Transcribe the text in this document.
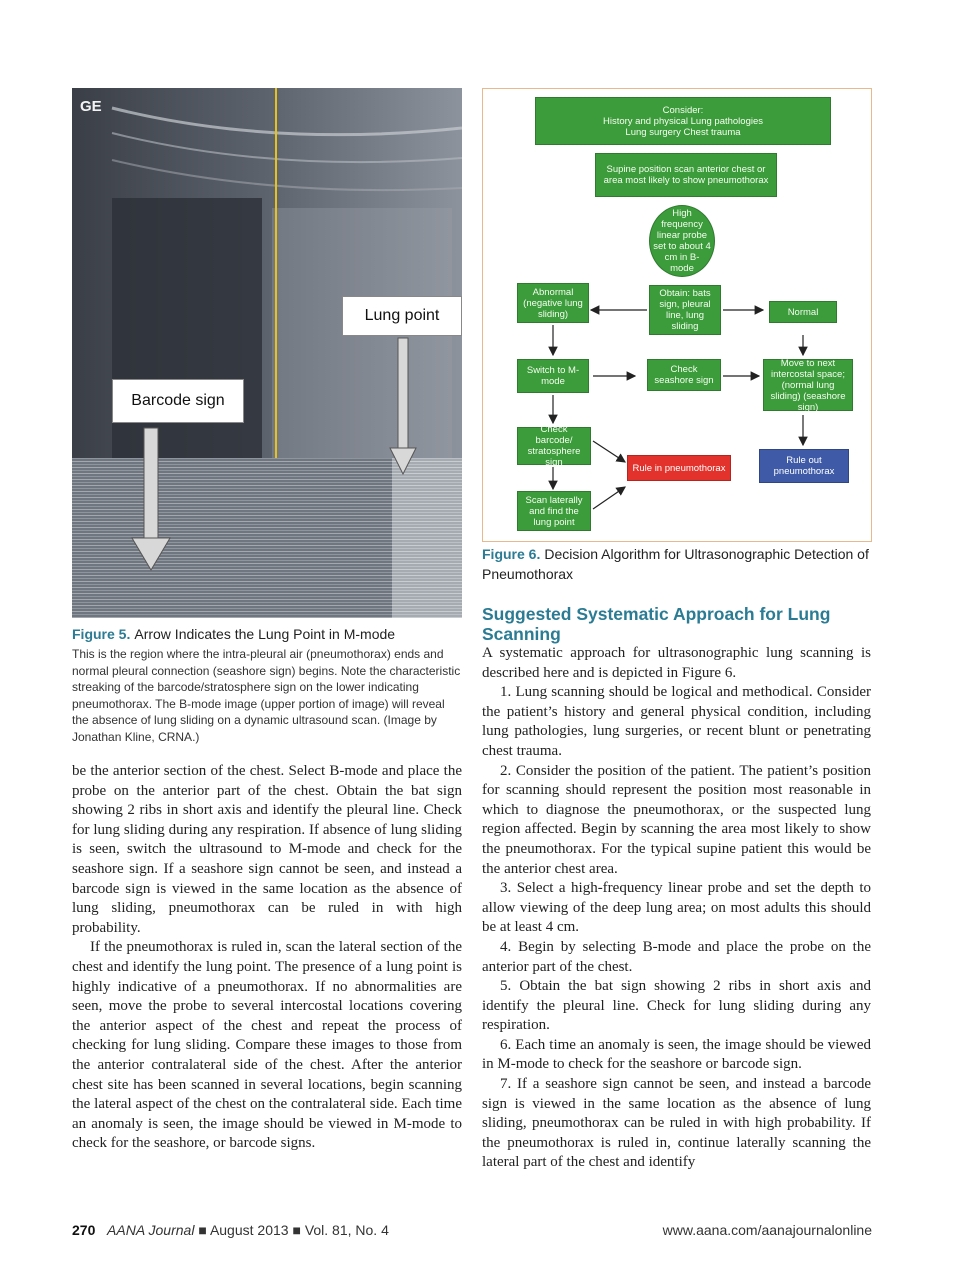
GE
Lung point
Barcode sign
Figure 5. Arrow Indicates the Lung Point in M-mode
This is the region where the intra-pleural air (pneumothorax) ends and normal pleural connection (seashore sign) begins. Note the characteristic streaking of the barcode/stratosphere sign on the lower indicating pneumothorax. The B-mode image (upper portion of image) will reveal the absence of lung sliding on a dynamic ultrasound scan. (Image by Jonathan Kline, CRNA.)
Consider:
History and physical Lung pathologies
Lung surgery Chest trauma
Supine position scan anterior chest or area most likely to show pneumothorax
High frequency linear probe set to about 4 cm in B-mode
Abnormal (negative lung sliding)
Obtain: bats sign, pleural line, lung sliding
Normal
Switch to M-mode
Check seashore sign
Move to next intercostal space; (normal lung sliding) (seashore sign)
Check barcode/ stratosphere sign	Rule in pneumothorax
Rule out pneumothorax
Scan laterally and find the lung point
Figure 6. Decision Algorithm for Ultrasonographic Detection of Pneumothorax

be the anterior section of the chest. Select B-mode and place the probe on the anterior part of the chest. Obtain the bat sign showing 2 ribs in short axis and identify the pleural line. Check for lung sliding during any respiration. If absence of lung sliding is seen, switch the ultrasound to M-mode and check for the seashore sign. If a seashore sign cannot be seen, and instead a barcode sign is viewed in the same location as the absence of lung sliding, pneumothorax can be ruled in with high probability.

If the pneumothorax is ruled in, scan the lateral section of the chest and identify the lung point. The presence of a lung point is highly indicative of a pneumothorax. If no abnormalities are seen, move the probe to several intercostal locations covering the anterior aspect of the chest and repeat the process of checking for lung sliding. Compare these images to those from the anterior contralateral side of the chest. After the anterior chest site has been scanned in several locations, begin scanning the lateral aspect of the chest on the contralateral side. Each time an anomaly is seen, the image should be viewed in M-mode to check for the seashore, or barcode signs.

Suggested Systematic Approach for Lung Scanning

A systematic approach for ultrasonographic lung scanning is described here and is depicted in Figure 6.

1. Lung scanning should be logical and methodical. Consider the patient’s history and general physical condition, including lung pathologies, lung surgeries, or recent blunt or penetrating chest trauma.

2. Consider the position of the patient. The patient’s position for scanning should represent the position most reasonable in which to diagnose the pneumothorax, or the suspected lung region affected. Begin by scanning the area most likely to show the pneumothorax. For the typical supine patient this would be the anterior chest area.

3. Select a high-frequency linear probe and set the depth to allow viewing of the deep lung area; on most adults this should be at least 4 cm.

4. Begin by selecting B-mode and place the probe on the anterior part of the chest.

5. Obtain the bat sign showing 2 ribs in short axis and identify the pleural line. Check for lung sliding during any respiration.

6. Each time an anomaly is seen, the image should be viewed in M-mode to check for the seashore or barcode sign.

7. If a seashore sign cannot be seen, and instead a barcode sign is viewed in the same location as the absence of lung sliding, pneumothorax can be ruled in with high probability. If the pneumothorax is ruled in, continue laterally scanning the lateral part of the chest and identify

270 AANA Journal ■ August 2013 ■ Vol. 81, No. 4	www.aana.com/aanajournalonline
